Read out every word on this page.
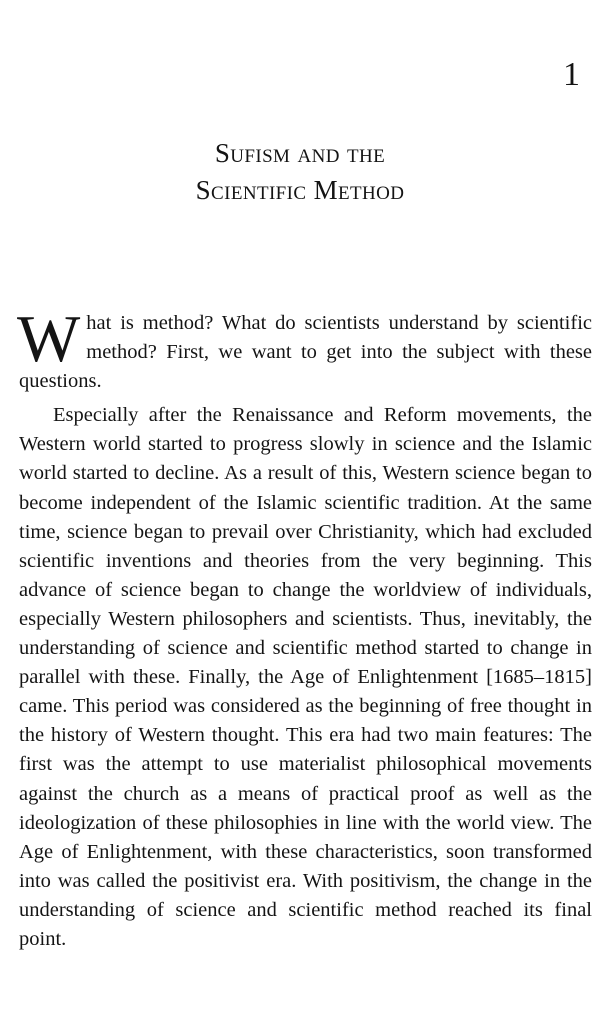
1
Sufism and the
Scientific Method

What is method? What do scientists understand by scientific method? First, we want to get into the subject with these questions.

Especially after the Renaissance and Reform movements, the Western world started to progress slowly in science and the Islamic world started to decline. As a result of this, Western science began to become independent of the Islamic scientific tradition. At the same time, science began to prevail over Christianity, which had excluded scientific inventions and theories from the very beginning. This advance of science began to change the worldview of individuals, especially Western philosophers and scientists. Thus, inevitably, the understanding of science and scientific method started to change in parallel with these. Finally, the Age of Enlightenment [1685–1815] came. This period was considered as the beginning of free thought in the history of Western thought. This era had two main features: The first was the attempt to use materialist philosophical movements against the church as a means of practical proof as well as the ideologization of these philosophies in line with the world view. The Age of Enlightenment, with these characteristics, soon transformed into was called the positivist era. With positivism, the change in the understanding of science and scientific method reached its final point.
